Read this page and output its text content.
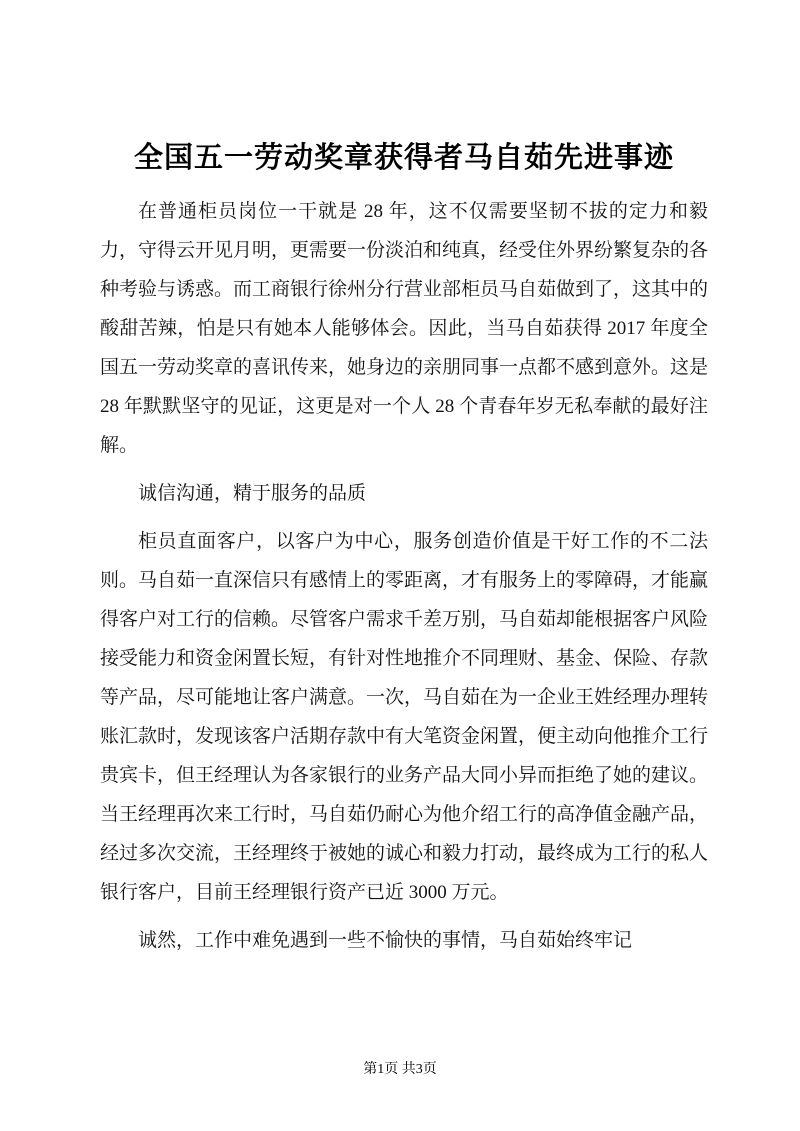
全国五一劳动奖章获得者马自茹先进事迹

在普通柜员岗位一干就是 28 年，这不仅需要坚韧不拔的定力和毅力，守得云开见月明，更需要一份淡泊和纯真，经受住外界纷繁复杂的各种考验与诱惑。而工商银行徐州分行营业部柜员马自茹做到了，这其中的酸甜苦辣，怕是只有她本人能够体会。因此，当马自茹获得 2017 年度全国五一劳动奖章的喜讯传来，她身边的亲朋同事一点都不感到意外。这是 28 年默默坚守的见证，这更是对一个人 28 个青春年岁无私奉献的最好注解。

诚信沟通，精于服务的品质

柜员直面客户，以客户为中心，服务创造价值是干好工作的不二法则。马自茹一直深信只有感情上的零距离，才有服务上的零障碍，才能赢得客户对工行的信赖。尽管客户需求千差万别，马自茹却能根据客户风险接受能力和资金闲置长短，有针对性地推介不同理财、基金、保险、存款等产品，尽可能地让客户满意。一次，马自茹在为一企业王姓经理办理转账汇款时，发现该客户活期存款中有大笔资金闲置，便主动向他推介工行贵宾卡，但王经理认为各家银行的业务产品大同小异而拒绝了她的建议。当王经理再次来工行时，马自茹仍耐心为他介绍工行的高净值金融产品，经过多次交流，王经理终于被她的诚心和毅力打动，最终成为工行的私人银行客户，目前王经理银行资产已近 3000 万元。

诚然，工作中难免遇到一些不愉快的事情，马自茹始终牢记

第1页 共3页
